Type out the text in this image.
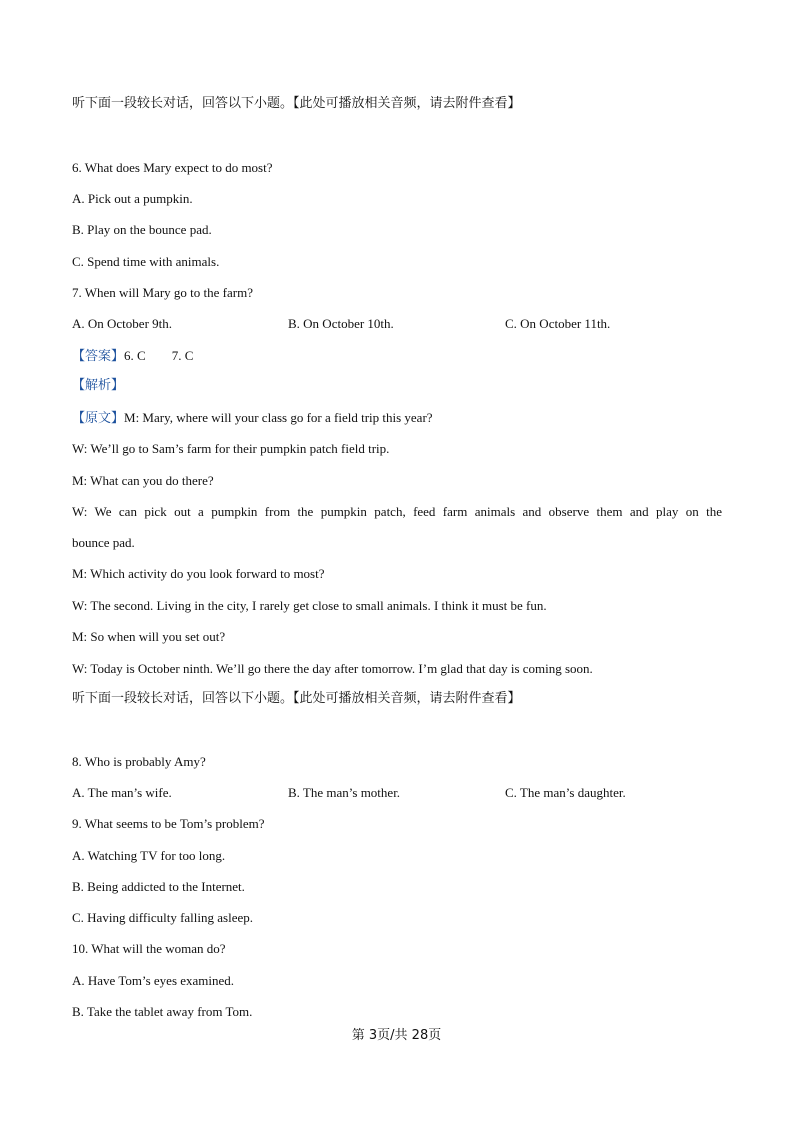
听下面一段较长对话，回答以下小题。【此处可播放相关音频，请去附件查看】
6. What does Mary expect to do most?
A. Pick out a pumpkin.
B. Play on the bounce pad.
C. Spend time with animals.
7. When will Mary go to the farm?
A. On October 9th.	B. On October 10th.	C. On October 11th.
【答案】6. C 7. C
【解析】
【原文】M: Mary, where will your class go for a field trip this year?
W: We’ll go to Sam’s farm for their pumpkin patch field trip.
M: What can you do there?
W: We can pick out a pumpkin from the pumpkin patch, feed farm animals and observe them and play on the
bounce pad.
M: Which activity do you look forward to most?
W: The second. Living in the city, I rarely get close to small animals. I think it must be fun.
M: So when will you set out?
W: Today is October ninth. We’ll go there the day after tomorrow. I’m glad that day is coming soon.
听下面一段较长对话，回答以下小题。【此处可播放相关音频，请去附件查看】
8. Who is probably Amy?
A. The man’s wife.	B. The man’s mother.	C. The man’s daughter.
9. What seems to be Tom’s problem?
A. Watching TV for too long.
B. Being addicted to the Internet.
C. Having difficulty falling asleep.
10. What will the woman do?
A. Have Tom’s eyes examined.
B. Take the tablet away from Tom.
第 3页/共 28页
